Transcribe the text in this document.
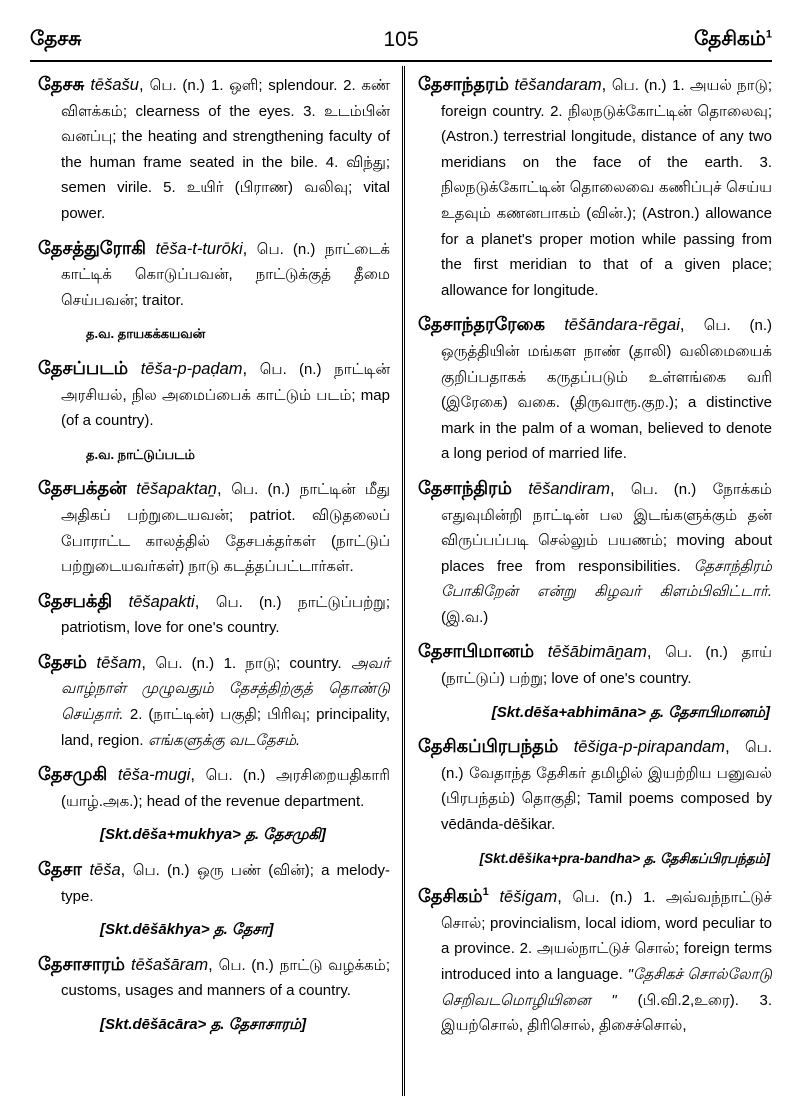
தேசசு	105	தேசிகம்$^1$

தேசசு tēšašu, பெ. (n.) 1. ஒளி; splendour. 2. கண் விளக்கம்; clearness of the eyes. 3. உடம்பின் வனப்பு; the heating and strengthening faculty of the human frame seated in the bile. 4. விந்து; semen virile. 5. உயிர் (பிராண) வலிவு; vital power.

தேசத்துரோகி tēša-t-turōki, பெ. (n.) நாட்டைக் காட்டிக் கொடுப்பவன், நாட்டுக்குத் தீமை செய்பவன்; traitor.

த.வ. தாயகக்கயவன்

தேசப்படம் tēša-p-paḍam, பெ. (n.) நாட்டின் அரசியல், நில அமைப்பைக் காட்டும் படம்; map (of a country).

த.வ. நாட்டுப்படம்

தேசபக்தன் tēšapaktaṉ, பெ. (n.) நாட்டின் மீது அதிகப் பற்றுடையவன்; patriot. விடுதலைப் போராட்ட காலத்தில் தேசபக்தர்கள் (நாட்டுப் பற்றுடையவர்கள்) நாடு கடத்தப்பட்டார்கள்.

தேசபக்தி tēšapakti, பெ. (n.) நாட்டுப்பற்று; patriotism, love for one's country.

தேசம் tēšam, பெ. (n.) 1. நாடு; country. அவர் வாழ்நாள் முழுவதும் தேசத்திற்குத் தொண்டு செய்தார். 2. (நாட்டின்) பகுதி; பிரிவு; principality, land, region. எங்களுக்கு வடதேசம்.

தேசமுகி tēša-mugi, பெ. (n.) அரசிறையதிகாரி (யாழ்.அக.); head of the revenue department.

[Skt.dēša+mukhya> த. தேசமுகி]

தேசா tēša, பெ. (n.) ஒரு பண் (வின்); a melody-type.

[Skt.dēšākhya> த. தேசா]

தேசாசாரம் tēšašāram, பெ. (n.) நாட்டு வழக்கம்; customs, usages and manners of a country.

[Skt.dēšācāra> த. தேசாசாரம்]

தேசாந்தரம் tēšandaram, பெ. (n.) 1. அயல் நாடு; foreign country. 2. நிலநடுக்கோட்டின் தொலைவு; (Astron.) terrestrial longitude, distance of any two meridians on the face of the earth. 3. நிலநடுக்கோட்டின் தொலைவை கணிப்புச் செய்ய உதவும் கணனபாகம் (வின்.); (Astron.) allowance for a planet's proper motion while passing from the first meridian to that of a given place; allowance for longitude.

தேசாந்தரரேகை tēšāndara-rēgai, பெ. (n.) ஒருத்தியின் மங்கள நாண் (தாலி) வலிமையைக் குறிப்பதாகக் கருதப்படும் உள்ளங்கை வரி (இரேகை) வகை. (திருவாரூ.குற.); a distinctive mark in the palm of a woman, believed to denote a long period of married life.

தேசாந்திரம் tēšandiram, பெ. (n.) நோக்கம் எதுவுமின்றி நாட்டின் பல இடங்களுக்கும் தன் விருப்பப்படி செல்லும் பயணம்; moving about places free from responsibilities. தேசாந்திரம் போகிறேன் என்று கிழவர் கிளம்பிவிட்டார். (இ.வ.)

தேசாபிமானம் tēšābimāṉam, பெ. (n.) தாய் (நாட்டுப்) பற்று; love of one's country.

[Skt.dēša+abhimāna> த. தேசாபிமானம்]

தேசிகப்பிரபந்தம் tēšiga-p-pirapandam, பெ. (n.) வேதாந்த தேசிகர் தமிழில் இயற்றிய பனுவல் (பிரபந்தம்) தொகுதி; Tamil poems composed by vēdānda-dēšikar.

[Skt.dēšika+pra-bandha> த. தேசிகப்பிரபந்தம்]

தேசிகம்$^1$ tēšigam, பெ. (n.) 1. அவ்வந்நாட்டுச் சொல்; provincialism, local idiom, word peculiar to a province. 2. அயல்நாட்டுச் சொல்; foreign terms introduced into a language. "தேசிகச் சொல்லோடு செறிவடமொழியினை " (பி.வி.2,உரை). 3. இயற்சொல், திரிசொல், திசைச்சொல்,
